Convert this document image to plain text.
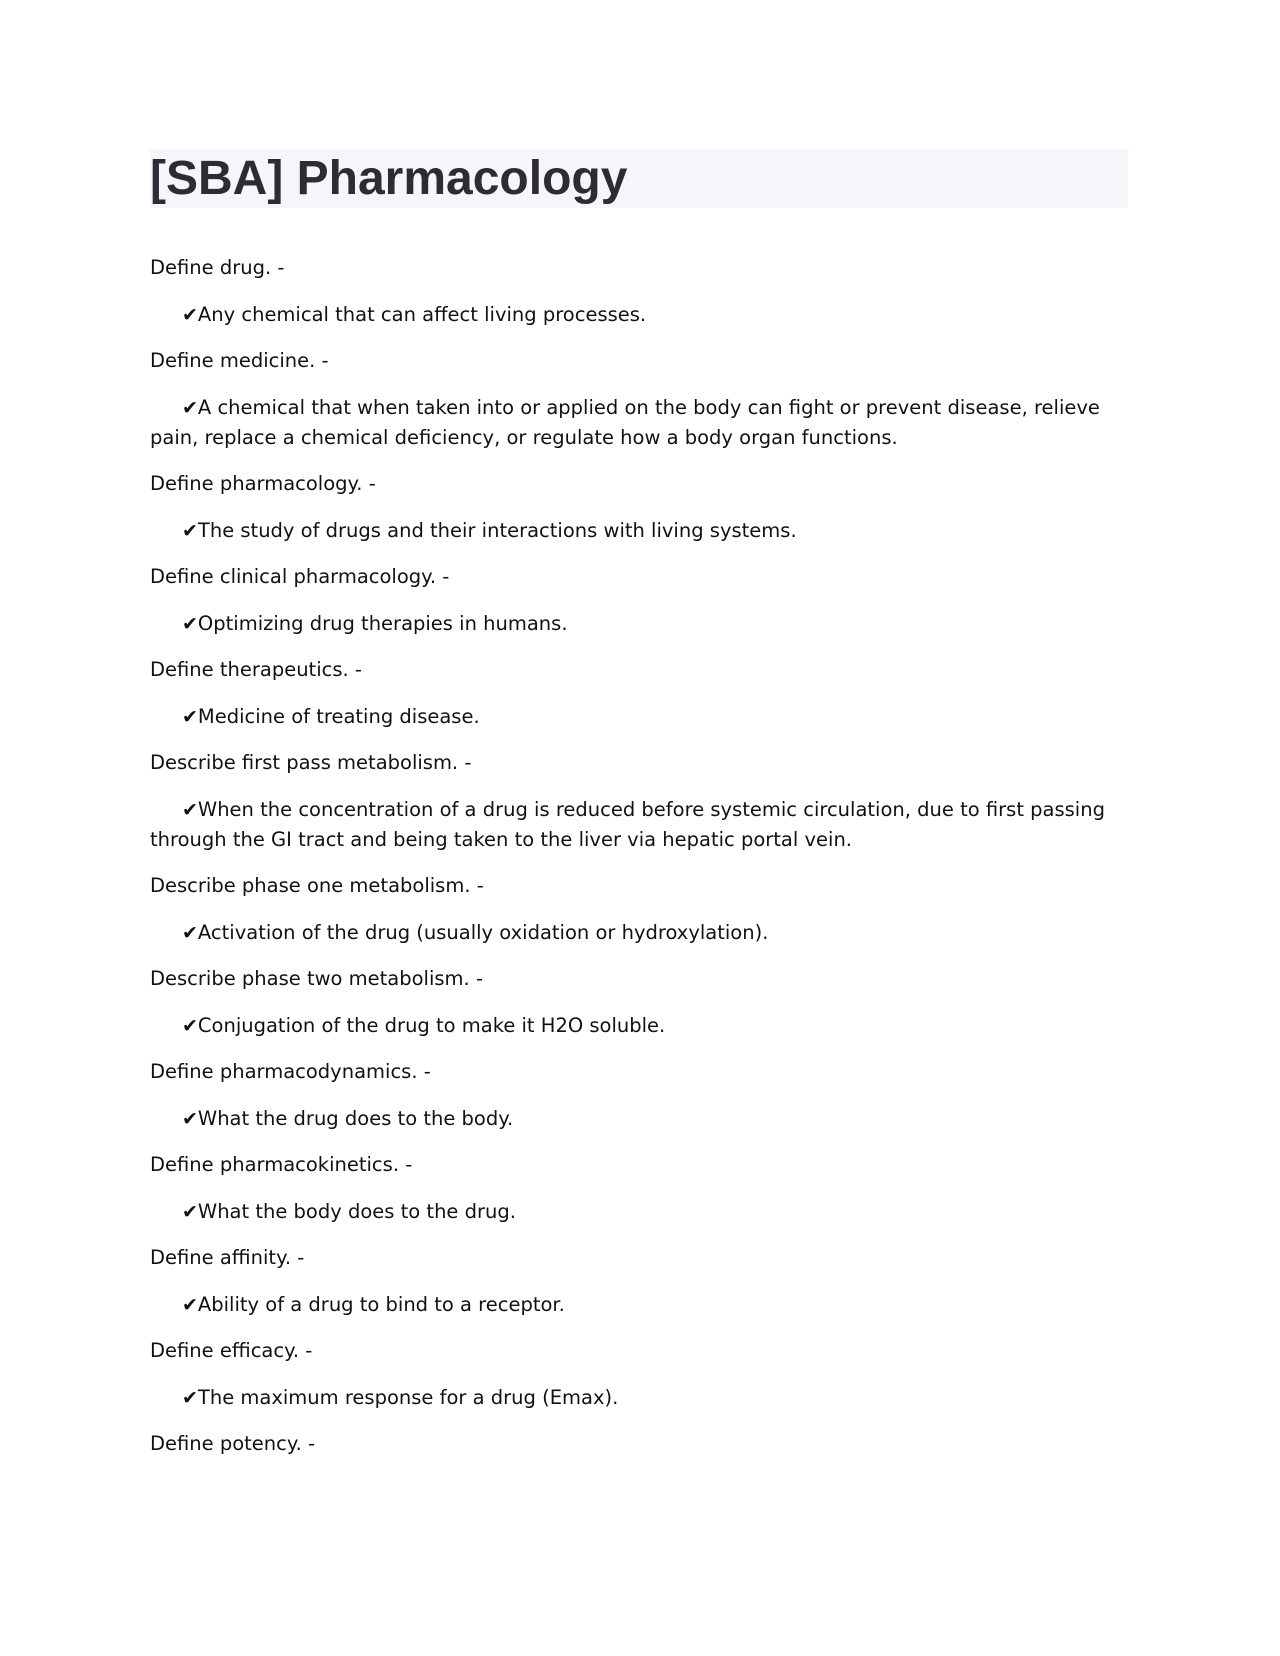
[SBA] Pharmacology

Define drug. -

✔Any chemical that can affect living processes.

Define medicine. -

✔A chemical that when taken into or applied on the body can fight or prevent disease, relieve pain, replace a chemical deficiency, or regulate how a body organ functions.

Define pharmacology. -

✔The study of drugs and their interactions with living systems.

Define clinical pharmacology. -

✔Optimizing drug therapies in humans.

Define therapeutics. -

✔Medicine of treating disease.

Describe first pass metabolism. -

✔When the concentration of a drug is reduced before systemic circulation, due to first passing through the GI tract and being taken to the liver via hepatic portal vein.

Describe phase one metabolism. -

✔Activation of the drug (usually oxidation or hydroxylation).

Describe phase two metabolism. -

✔Conjugation of the drug to make it H2O soluble.

Define pharmacodynamics. -

✔What the drug does to the body.

Define pharmacokinetics. -

✔What the body does to the drug.

Define affinity. -

✔Ability of a drug to bind to a receptor.

Define efficacy. -

✔The maximum response for a drug (Emax).

Define potency. -
